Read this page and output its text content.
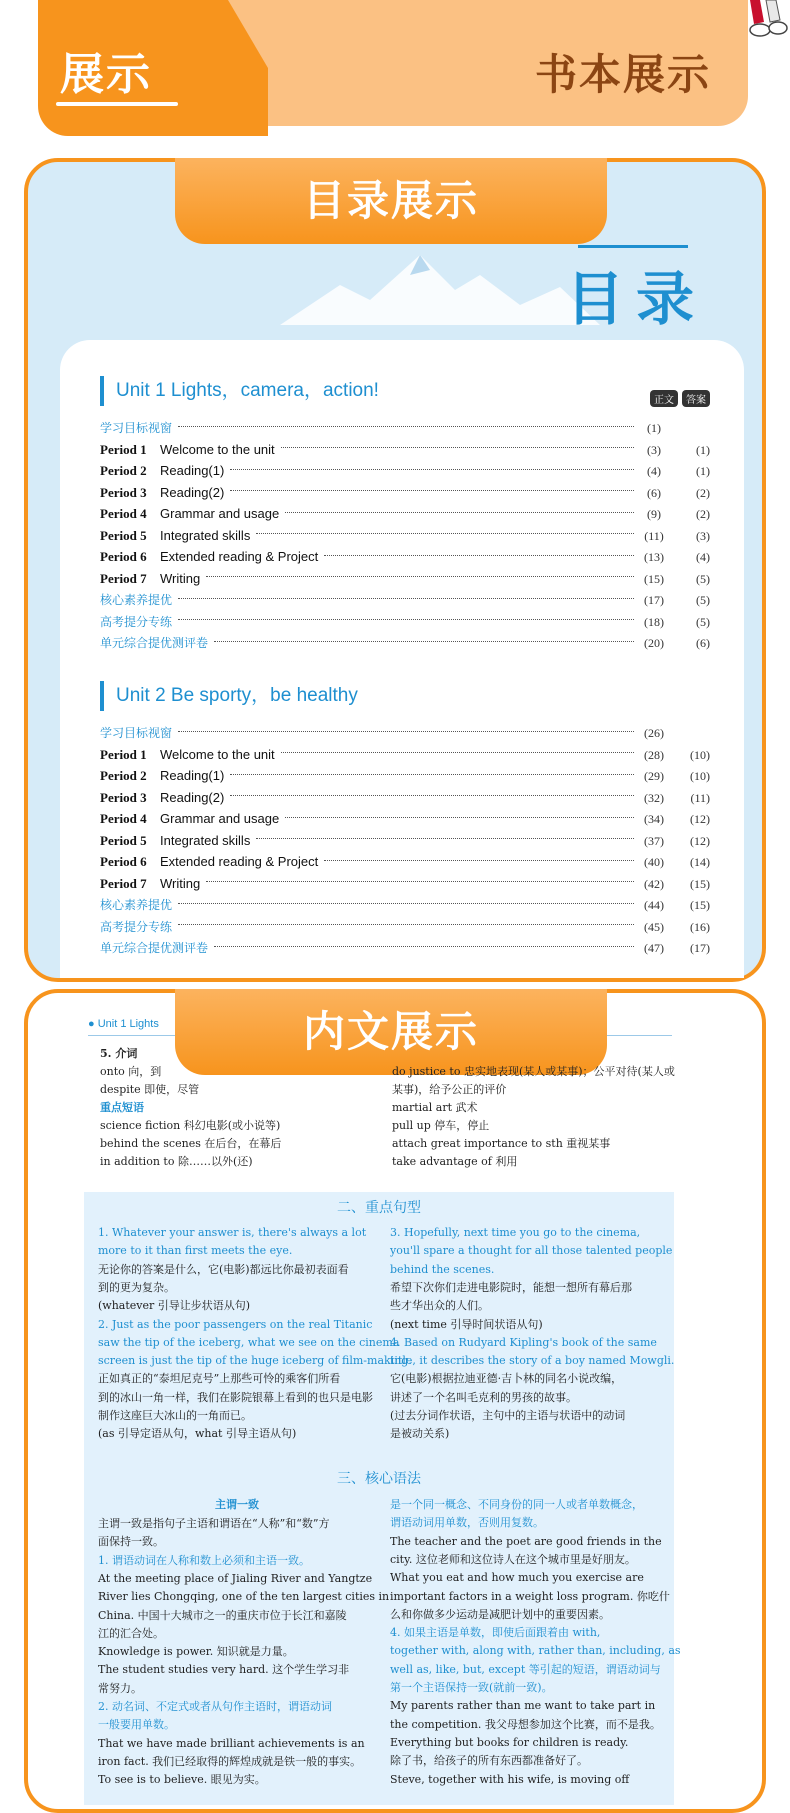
展示	书本展示
目录
目录展示
正文 答案
Unit 1 Lights，camera，action!
Unit 2 Be sporty，be healthy
学习目标视窗	(1)
Period 1	Welcome to the unit	(3)	(1)
Period 2	Reading(1)	(4)	(1)
Period 3	Reading(2)	(6)	(2)
Period 4	Grammar and usage	(9)	(2)
Period 5	Integrated skills	(11)	(3)
Period 6	Extended reading & Project	(13)	(4)
Period 7	Writing	(15)	(5)
核心素养提优	(17)	(5)
高考提分专练	(18)	(5)
单元综合提优测评卷	(20)	(6)
学习目标视窗	(26)
Period 1	Welcome to the unit	(28)	(10)
Period 2	Reading(1)	(29)	(10)
Period 3	Reading(2)	(32)	(11)
Period 4	Grammar and usage	(34)	(12)
Period 5	Integrated skills	(37)	(12)
Period 6	Extended reading & Project	(40)	(14)
Period 7	Writing	(42)	(15)
核心素养提优	(44)	(15)
高考提分专练	(45)	(16)
单元综合提优测评卷	(47)	(17)
● Unit 1 Lights	内文展示
5. 介词
onto 向，到
despite 即使，尽管
重点短语
science fiction 科幻电影(或小说等)
behind the scenes 在后台，在幕后
in addition to 除……以外(还)
do justice to 忠实地表现(某人或某事)；公平对待(某人或
某事)，给予公正的评价
martial art 武术
pull up 停车，停止
attach great importance to sth 重视某事
take advantage of 利用
二、重点句型
三、核心语法
1. Whatever your answer is, there's always a lot
more to it than first meets the eye.
无论你的答案是什么，它(电影)都远比你最初表面看
到的更为复杂。
(whatever 引导让步状语从句)
2. Just as the poor passengers on the real Titanic
saw the tip of the iceberg, what we see on the cinema
screen is just the tip of the huge iceberg of film-making.
正如真正的“泰坦尼克号”上那些可怜的乘客们所看
到的冰山一角一样，我们在影院银幕上看到的也只是电影
制作这座巨大冰山的一角而已。
(as 引导定语从句，what 引导主语从句)
3. Hopefully, next time you go to the cinema,
you'll spare a thought for all those talented people
behind the scenes.
希望下次你们走进电影院时，能想一想所有幕后那
些才华出众的人们。
(next time 引导时间状语从句)
4. Based on Rudyard Kipling's book of the same
title, it describes the story of a boy named Mowgli.
它(电影)根据拉迪亚德·吉卜林的同名小说改编，
讲述了一个名叫毛克利的男孩的故事。
(过去分词作状语，主句中的主语与状语中的动词
是被动关系)
主谓一致
主谓一致是指句子主语和谓语在“人称”和“数”方
面保持一致。
1. 谓语动词在人称和数上必须和主语一致。
At the meeting place of Jialing River and Yangtze
River lies Chongqing, one of the ten largest cities in
China. 中国十大城市之一的重庆市位于长江和嘉陵
江的汇合处。
Knowledge is power. 知识就是力量。
The student studies very hard. 这个学生学习非
常努力。
2. 动名词、不定式或者从句作主语时，谓语动词
一般要用单数。
That we have made brilliant achievements is an
iron fact. 我们已经取得的辉煌成就是铁一般的事实。
To see is to believe. 眼见为实。
是一个同一概念、不同身份的同一人或者单数概念，
谓语动词用单数，否则用复数。
The teacher and the poet are good friends in the
city. 这位老师和这位诗人在这个城市里是好朋友。
What you eat and how much you exercise are
important factors in a weight loss program. 你吃什
么和你做多少运动是减肥计划中的重要因素。
4. 如果主语是单数，即使后面跟着由 with,
together with, along with, rather than, including, as
well as, like, but, except 等引起的短语，谓语动词与
第一个主语保持一致(就前一致)。
My parents rather than me want to take part in
the competition. 我父母想参加这个比赛，而不是我。
Everything but books for children is ready.
除了书，给孩子的所有东西都准备好了。
Steve, together with his wife, is moving off
